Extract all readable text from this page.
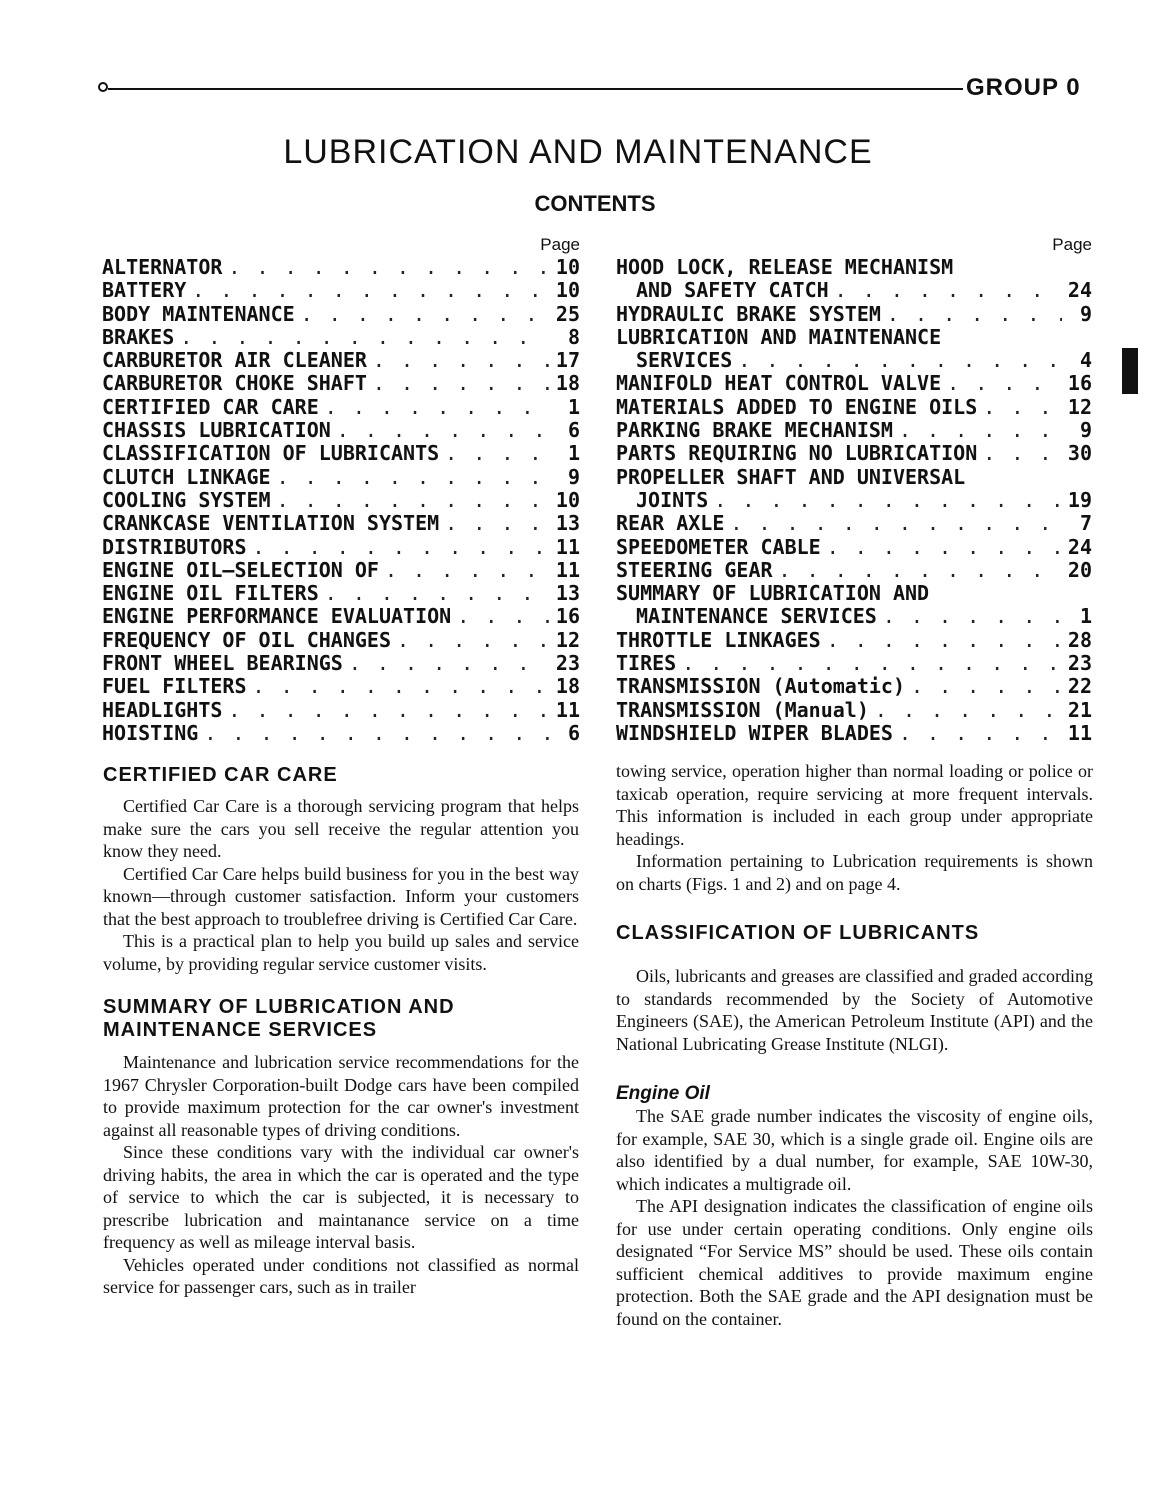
GROUP 0
LUBRICATION AND MAINTENANCE
CONTENTS
Page
ALTERNATOR . . .	10
BATTERY . . .	10
BODY MAINTENANCE . . .	25
BRAKES . . .	8
CARBURETOR AIR CLEANER . . .	17
CARBURETOR CHOKE SHAFT . . .	18
CERTIFIED CAR CARE . . .	1
CHASSIS LUBRICATION . . .	6
CLASSIFICATION OF LUBRICANTS . . .	1
CLUTCH LINKAGE . . .	9
COOLING SYSTEM . . .	10
CRANKCASE VENTILATION SYSTEM . . .	13
DISTRIBUTORS . . .	11
ENGINE OIL—SELECTION OF . . .	11
ENGINE OIL FILTERS . . .	13
ENGINE PERFORMANCE EVALUATION . . .	16
FREQUENCY OF OIL CHANGES . . .	12
FRONT WHEEL BEARINGS . . .	23
FUEL FILTERS . . .	18
HEADLIGHTS . . .	11
HOISTING . . .	6
Page
HOOD LOCK, RELEASE MECHANISM
AND SAFETY CATCH . . .	24
HYDRAULIC BRAKE SYSTEM . . .	9
LUBRICATION AND MAINTENANCE
SERVICES . . .	4
MANIFOLD HEAT CONTROL VALVE . . .	16
MATERIALS ADDED TO ENGINE OILS . . .	12
PARKING BRAKE MECHANISM . . .	9
PARTS REQUIRING NO LUBRICATION . . .	30
PROPELLER SHAFT AND UNIVERSAL
JOINTS . . .	19
REAR AXLE . . .	7
SPEEDOMETER CABLE . . .	24
STEERING GEAR . . .	20
SUMMARY OF LUBRICATION AND
MAINTENANCE SERVICES . . .	1
THROTTLE LINKAGES . . .	28
TIRES . . .	23
TRANSMISSION (Automatic) . . .	22
TRANSMISSION (Manual) . . .	21
WINDSHIELD WIPER BLADES . . .	11
CERTIFIED CAR CARE

Certified Car Care is a thorough servicing program that helps make sure the cars you sell receive the regular attention you know they need.

Certified Car Care helps build business for you in the best way known—through customer satisfaction. Inform your customers that the best approach to troublefree driving is Certified Car Care.

This is a practical plan to help you build up sales and service volume, by providing regular service customer visits.

SUMMARY OF LUBRICATION AND MAINTENANCE SERVICES

Maintenance and lubrication service recommendations for the 1967 Chrysler Corporation-built Dodge cars have been compiled to provide maximum protection for the car owner's investment against all reasonable types of driving conditions.

Since these conditions vary with the individual car owner's driving habits, the area in which the car is operated and the type of service to which the car is subjected, it is necessary to prescribe lubrication and maintanance service on a time frequency as well as mileage interval basis.

Vehicles operated under conditions not classified as normal service for passenger cars, such as in trailer

towing service, operation higher than normal loading or police or taxicab operation, require servicing at more frequent intervals. This information is included in each group under appropriate headings.

Information pertaining to Lubrication requirements is shown on charts (Figs. 1 and 2) and on page 4.

CLASSIFICATION OF LUBRICANTS

Oils, lubricants and greases are classified and graded according to standards recommended by the Society of Automotive Engineers (SAE), the American Petroleum Institute (API) and the National Lubricating Grease Institute (NLGI).

Engine Oil

The SAE grade number indicates the viscosity of engine oils, for example, SAE 30, which is a single grade oil. Engine oils are also identified by a dual number, for example, SAE 10W-30, which indicates a multigrade oil.

The API designation indicates the classification of engine oils for use under certain operating conditions. Only engine oils designated “For Service MS” should be used. These oils contain sufficient chemical additives to provide maximum engine protection. Both the SAE grade and the API designation must be found on the container.
